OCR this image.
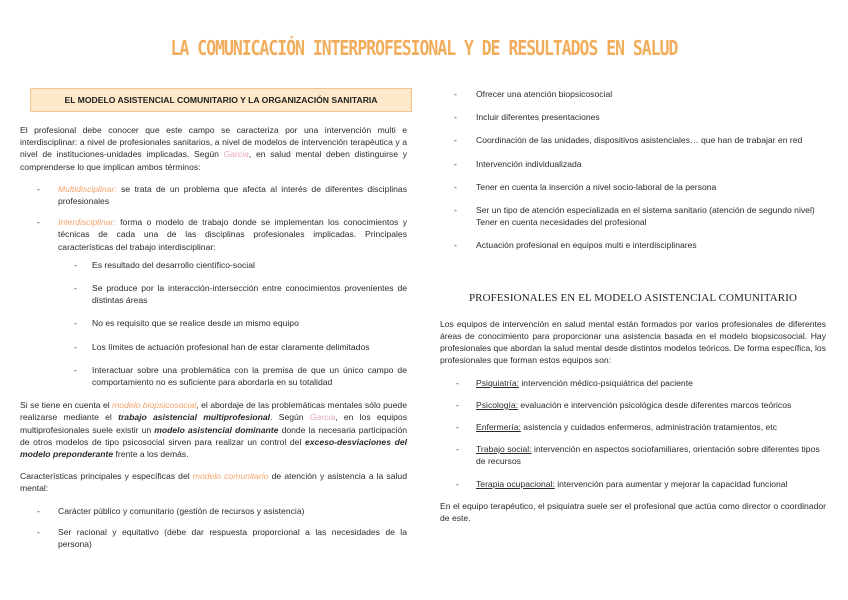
LA COMUNICACIÓN INTERPROFESIONAL Y DE RESULTADOS EN SALUD
EL MODELO ASISTENCIAL COMUNITARIO Y LA ORGANIZACIÓN SANITARIA

El profesional debe conocer que este campo se caracteriza por una intervención multi e interdisciplinar: a nivel de profesionales sanitarios, a nivel de modelos de intervención terapéutica y a nivel de instituciones-unidades implicadas. Según Garcia, en salud mental deben distinguirse y comprenderse lo que implican ambos términos:

- Multidisciplinar: se trata de un problema que afecta al interés de diferentes disciplinas profesionales
- Interdisciplinar: forma o modelo de trabajo donde se implementan los conocimientos y técnicas de cada una de las disciplinas profesionales implicadas. Principales características del trabajo interdisciplinar:
- Es resultado del desarrollo científico-social
- Se produce por la interacción-intersección entre conocimientos provenientes de distintas áreas
- No es requisito que se realice desde un mismo equipo
- Los límites de actuación profesional han de estar claramente delimitados
- Interactuar sobre una problemática con la premisa de que un único campo de comportamiento no es suficiente para abordarla en su totalidad

Si se tiene en cuenta el modelo biopsicosocial, el abordaje de las problemáticas mentales sólo puede realizarse mediante el trabajo asistencial multiprofesional. Según Garcia, en los equipos multiprofesionales suele existir un modelo asistencial dominante donde la necesaria participación de otros modelos de tipo psicosocial sirven para realizar un control del exceso-desviaciones del modelo preponderante frente a los demás.

Características principales y específicas del modelo comunitario de atención y asistencia a la salud mental:

- Carácter público y comunitario (gestión de recursos y asistencia)
- Ser racional y equitativo (debe dar respuesta proporcional a las necesidades de la persona)
- Ofrecer una atención biopsicosocial
- Incluir diferentes presentaciones
- Coordinación de las unidades, dispositivos asistenciales… que han de trabajar en red
- Intervención individualizada
- Tener en cuenta la inserción a nivel socio-laboral de la persona
- Ser un tipo de atención especializada en el sistema sanitario (atención de segundo nivel)
Tener en cuenta necesidades del profesional
- Actuación profesional en equipos multi e interdisciplinares
PROFESIONALES EN EL MODELO ASISTENCIAL COMUNITARIO

Los equipos de intervención en salud mental están formados por varios profesionales de diferentes áreas de conocimiento para proporcionar una asistencia basada en el modelo biopsicosocial. Hay profesionales que abordan la salud mental desde distintos modelos teóricos. De forma específica, los profesionales que forman estos equipos son:

- Psiquiatría: intervención médico-psiquiátrica del paciente
- Psicología: evaluación e intervención psicológica desde diferentes marcos teóricos
- Enfermería: asistencia y cuidados enfermeros, administración tratamientos, etc
- Trabajo social: intervención en aspectos sociofamiliares, orientación sobre diferentes tipos de recursos
- Terapia ocupacional: intervención para aumentar y mejorar la capacidad funcional

En el equipo terapéutico, el psiquiatra suele ser el profesional que actúa como director o coordinador de este.
